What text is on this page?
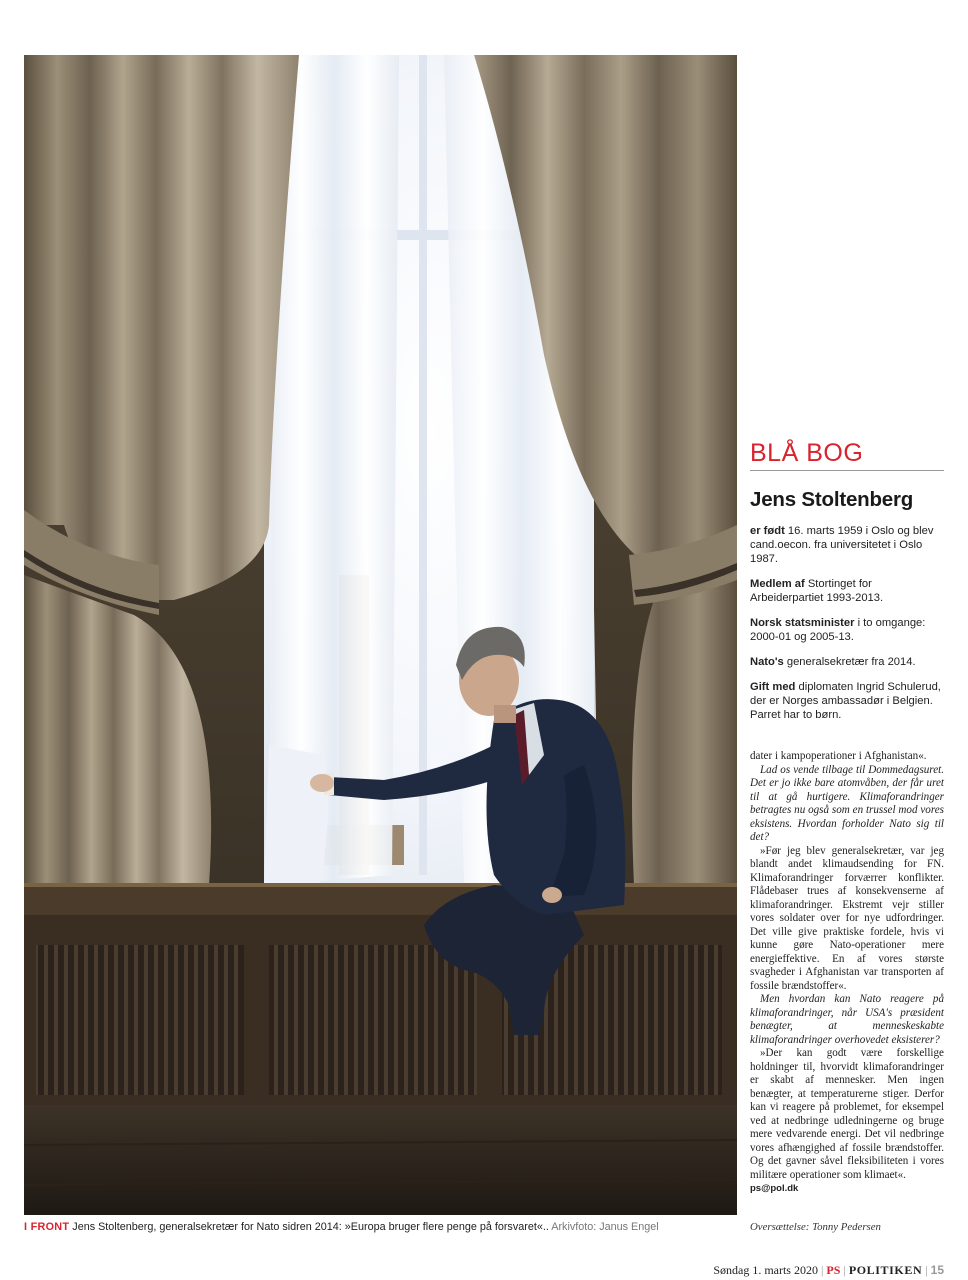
BLÅ BOG
Jens Stoltenberg
er født 16. marts 1959 i Oslo og blev cand.oecon. fra universitetet i Oslo 1987.
Medlem af Stortinget for Arbeiderpartiet 1993-2013.
Norsk statsminister i to omgange: 2000-01 og 2005-13.
Nato's generalsekretær fra 2014.
Gift med diplomaten Ingrid Schulerud, der er Norges ambassadør i Belgien. Parret har to børn.

dater i kampoperationer i Afghanistan«.

Lad os vende tilbage til Dommedagsuret. Det er jo ikke bare atomvåben, der får uret til at gå hurtigere. Klimaforandringer betragtes nu også som en trussel mod vores eksistens. Hvordan forholder Nato sig til det?

»Før jeg blev generalsekretær, var jeg blandt andet klimaudsending for FN. Klimaforandringer forværrer konflikter. Flådebaser trues af konsekvenserne af klimaforandringer. Ekstremt vejr stiller vores soldater over for nye udfordringer. Det ville give praktiske fordele, hvis vi kunne gøre Nato-operationer mere energieffektive. En af vores største svagheder i Afghanistan var transporten af fossile brændstoffer«.

Men hvordan kan Nato reagere på klimaforandringer, når USA's præsident benægter, at menneskeskabte klimaforandringer overhovedet eksisterer?

»Der kan godt være forskellige holdninger til, hvorvidt klimaforandringer er skabt af mennesker. Men ingen benægter, at temperaturerne stiger. Derfor kan vi reagere på problemet, for eksempel ved at nedbringe udledningerne og bruge mere vedvarende energi. Det vil nedbringe vores afhængighed af fossile brændstoffer. Og det gavner såvel fleksibiliteten i vores militære operationer som klimaet«.

ps@pol.dk

I FRONT Jens Stoltenberg, generalsekretær for Nato sidren 2014: »Europa bruger flere penge på forsvaret«.. Arkivfoto: Janus Engel	Oversættelse: Tonny Pedersen
Søndag 1. marts 2020 | PS | POLITIKEN | 15
